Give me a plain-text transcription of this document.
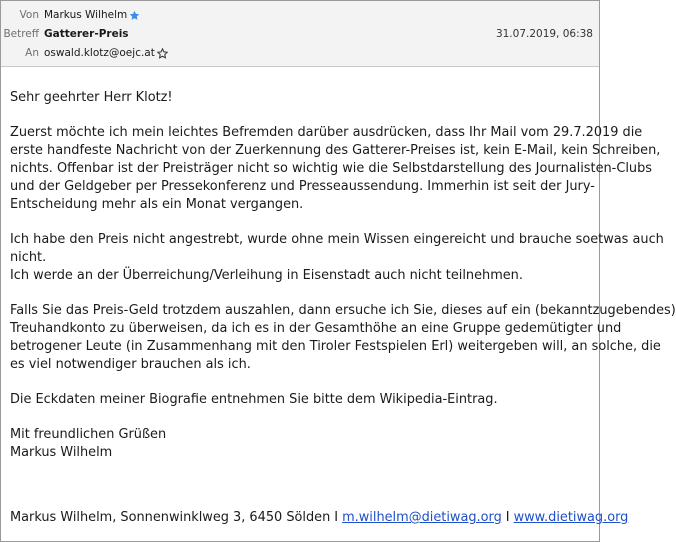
Von Markus Wilhelm
Betreff Gatterer-Preis	31.07.2019, 06:38
An oswald.klotz@oejc.at

Sehr geehrter Herr Klotz!

Zuerst möchte ich mein leichtes Befremden darüber ausdrücken, dass Ihr Mail vom 29.7.2019 die
erste handfeste Nachricht von der Zuerkennung des Gatterer-Preises ist, kein E-Mail, kein Schreiben,
nichts. Offenbar ist der Preisträger nicht so wichtig wie die Selbstdarstellung des Journalisten-Clubs
und der Geldgeber per Pressekonferenz und Presseaussendung. Immerhin ist seit der Jury-
Entscheidung mehr als ein Monat vergangen.

Ich habe den Preis nicht angestrebt, wurde ohne mein Wissen eingereicht und brauche soetwas auch
nicht.
Ich werde an der Überreichung/Verleihung in Eisenstadt auch nicht teilnehmen.

Falls Sie das Preis-Geld trotzdem auszahlen, dann ersuche ich Sie, dieses auf ein (bekanntzugebendes)
Treuhandkonto zu überweisen, da ich es in der Gesamthöhe an eine Gruppe gedemütigter und
betrogener Leute (in Zusammenhang mit den Tiroler Festspielen Erl) weitergeben will, an solche, die
es viel notwendiger brauchen als ich.

Die Eckdaten meiner Biografie entnehmen Sie bitte dem Wikipedia-Eintrag.

Mit freundlichen Grüßen

Markus Wilhelm

Markus Wilhelm, Sonnenwinklweg 3, 6450 Sölden I m.wilhelm@dietiwag.org I www.dietiwag.org
